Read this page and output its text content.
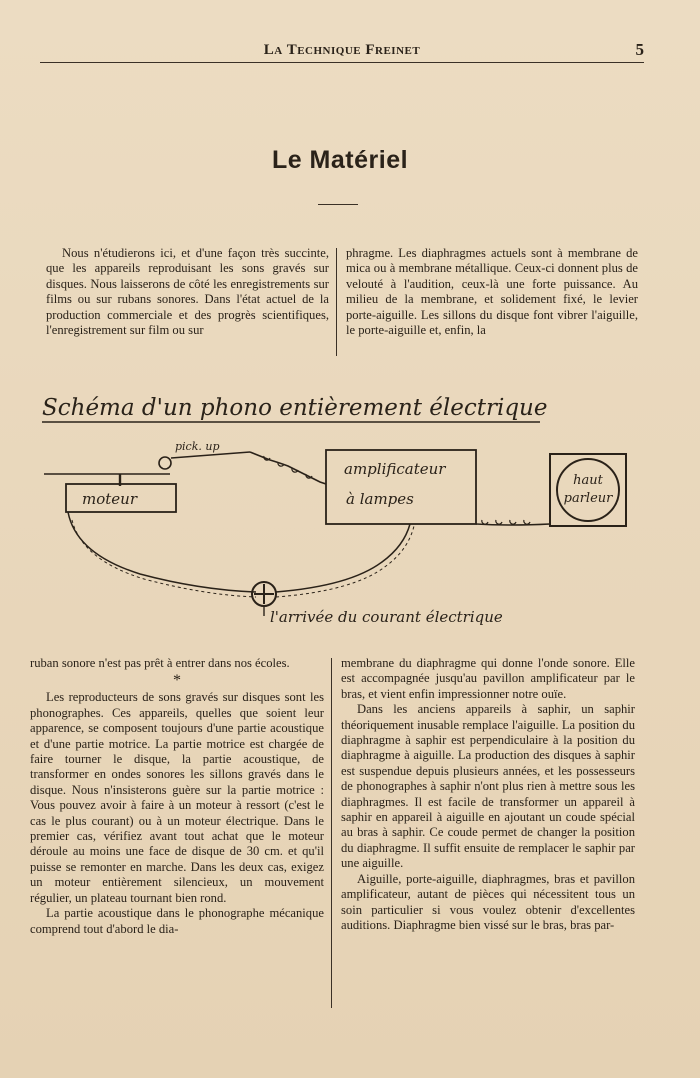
La Technique Freinet	5
Le Matériel

Nous n'étudierons ici, et d'une façon très succinte, que les appareils reproduisant les sons gravés sur disques. Nous laisserons de côté les enregistrements sur films ou sur rubans sonores. Dans l'état actuel de la production commerciale et des progrès scientifiques, l'enregistrement sur film ou sur

phragme. Les diaphragmes actuels sont à membrane de mica ou à membrane métallique. Ceux-ci donnent plus de velouté à l'audition, ceux-là une forte puissance. Au milieu de la membrane, et solidement fixé, le levier porte-aiguille. Les sillons du disque font vibrer l'aiguille, le porte-aiguille et, enfin, la

Schéma d'un phono entièrement électrique
moteur
pick. up
amplificateur
à lampes
haut
parleur
l'arrivée du courant électrique

ruban sonore n'est pas prêt à entrer dans nos écoles.

*

Les reproducteurs de sons gravés sur disques sont les phonographes. Ces appareils, quelles que soient leur apparence, se composent toujours d'une partie acoustique et d'une partie motrice. La partie motrice est chargée de faire tourner le disque, la partie acoustique, de transformer en ondes sonores les sillons gravés dans le disque. Nous n'insisterons guère sur la partie motrice : Vous pouvez avoir à faire à un moteur à ressort (c'est le cas le plus courant) ou à un moteur électrique. Dans le premier cas, vérifiez avant tout achat que le moteur déroule au moins une face de disque de 30 cm. et qu'il puisse se remonter en marche. Dans les deux cas, exigez un moteur entièrement silencieux, un mouvement régulier, un plateau tournant bien rond.

La partie acoustique dans le phonographe mécanique comprend tout d'abord le dia-

membrane du diaphragme qui donne l'onde sonore. Elle est accompagnée jusqu'au pavillon amplificateur par le bras, et vient enfin impressionner notre ouïe.

Dans les anciens appareils à saphir, un saphir théoriquement inusable remplace l'aiguille. La position du diaphragme à saphir est perpendiculaire à la position du diaphragme à aiguille. La production des disques à saphir est suspendue depuis plusieurs années, et les possesseurs de phonographes à saphir n'ont plus rien à mettre sous les diaphragmes. Il est facile de transformer un appareil à saphir en appareil à aiguille en ajoutant un coude spécial au bras à saphir. Ce coude permet de changer la position du diaphragme. Il suffit ensuite de remplacer le saphir par une aiguille.

Aiguille, porte-aiguille, diaphragmes, bras et pavillon amplificateur, autant de pièces qui nécessitent tous un soin particulier si vous voulez obtenir d'excellentes auditions. Diaphragme bien vissé sur le bras, bras par-
